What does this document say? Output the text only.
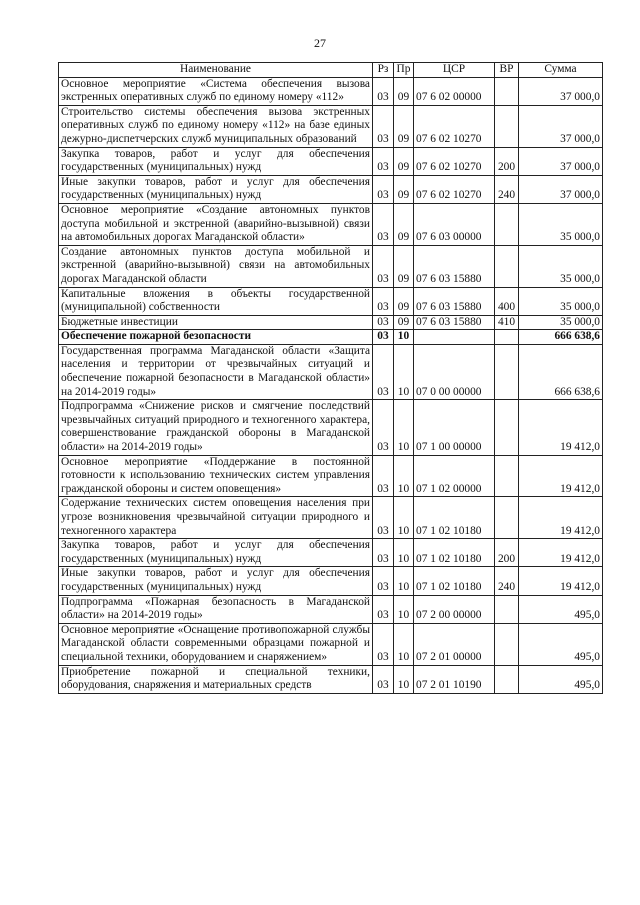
27
Наименование	Рз	Пр	ЦСР	ВР	Сумма
Основное мероприятие «Система обеспечения вызова экстренных оперативных служб по единому номеру «112»	03	09	07 6 02 00000		37 000,0
Строительство системы обеспечения вызова экстренных оперативных служб по единому номеру «112» на базе единых дежурно-диспетчерских служб муниципальных образований	03	09	07 6 02 10270		37 000,0
Закупка товаров, работ и услуг для обеспечения государственных (муниципальных) нужд	03	09	07 6 02 10270	200	37 000,0
Иные закупки товаров, работ и услуг для обеспечения государственных (муниципальных) нужд	03	09	07 6 02 10270	240	37 000,0
Основное мероприятие «Создание автономных пунктов доступа мобильной и экстренной (аварийно-вызывной) связи на автомобильных дорогах Магаданской области»	03	09	07 6 03 00000		35 000,0
Создание автономных пунктов доступа мобильной и экстренной (аварийно-вызывной) связи на автомобильных дорогах Магаданской области	03	09	07 6 03 15880		35 000,0
Капитальные вложения в объекты государственной (муниципальной) собственности	03	09	07 6 03 15880	400	35 000,0
Бюджетные инвестиции	03	09	07 6 03 15880	410	35 000,0
Обеспечение пожарной безопасности	03	10			666 638,6
Государственная программа Магаданской области «Защита населения и территории от чрезвычайных ситуаций и обеспечение пожарной безопасности в Магаданской области» на 2014-2019 годы»	03	10	07 0 00 00000		666 638,6
Подпрограмма «Снижение рисков и смягчение последствий чрезвычайных ситуаций природного и техногенного характера, совершенствование гражданской обороны в Магаданской области» на 2014-2019 годы»	03	10	07 1 00 00000		19 412,0
Основное мероприятие «Поддержание в постоянной готовности к использованию технических систем управления гражданской обороны и систем оповещения»	03	10	07 1 02 00000		19 412,0
Содержание технических систем оповещения населения при угрозе возникновения чрезвычайной ситуации природного и техногенного характера	03	10	07 1 02 10180		19 412,0
Закупка товаров, работ и услуг для обеспечения государственных (муниципальных) нужд	03	10	07 1 02 10180	200	19 412,0
Иные закупки товаров, работ и услуг для обеспечения государственных (муниципальных) нужд	03	10	07 1 02 10180	240	19 412,0
Подпрограмма «Пожарная безопасность в Магаданской области» на 2014-2019 годы»	03	10	07 2 00 00000		495,0
Основное мероприятие «Оснащение противопожарной службы Магаданской области современными образцами пожарной и специальной техники, оборудованием и снаряжением»	03	10	07 2 01 00000		495,0
Приобретение пожарной и специальной техники, оборудования, снаряжения и материальных средств	03	10	07 2 01 10190		495,0
